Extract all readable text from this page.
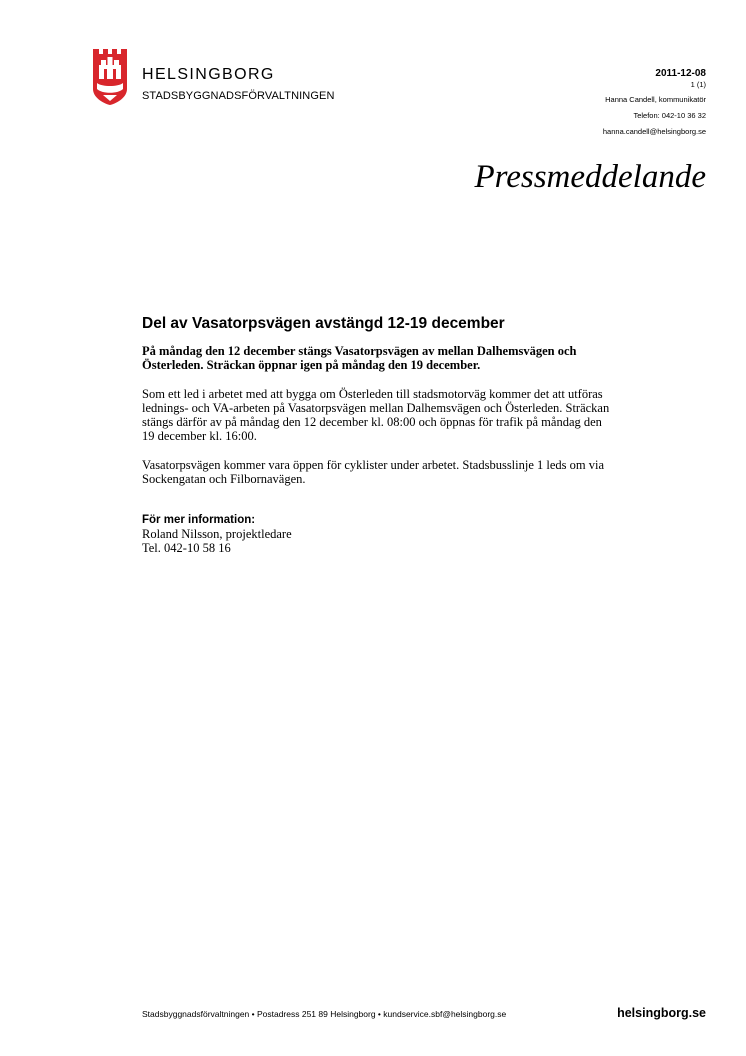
HELSINGBORG
STADSBYGGNADSFÖRVALTNINGEN
2011-12-08
1 (1)
Hanna Candell, kommunikatör
Telefon: 042-10 36 32
hanna.candell@helsingborg.se
Pressmeddelande
Del av Vasatorpsvägen avstängd 12-19 december

På måndag den 12 december stängs Vasatorpsvägen av mellan Dalhemsvägen och Österleden. Sträckan öppnar igen på måndag den 19 december.

Som ett led i arbetet med att bygga om Österleden till stadsmotorväg kommer det att utföras lednings- och VA-arbeten på Vasatorpsvägen mellan Dalhemsvägen och Österleden. Sträckan stängs därför av på måndag den 12 december kl. 08:00 och öppnas för trafik på måndag den 19 december kl. 16:00.

Vasatorpsvägen kommer vara öppen för cyklister under arbetet. Stadsbusslinje 1 leds om via Sockengatan och Filbornavägen.

För mer information:
Roland Nilsson, projektledare
Tel. 042-10 58 16
Stadsbyggnadsförvaltningen • Postadress 251 89 Helsingborg • kundservice.sbf@helsingborg.se	helsingborg.se
